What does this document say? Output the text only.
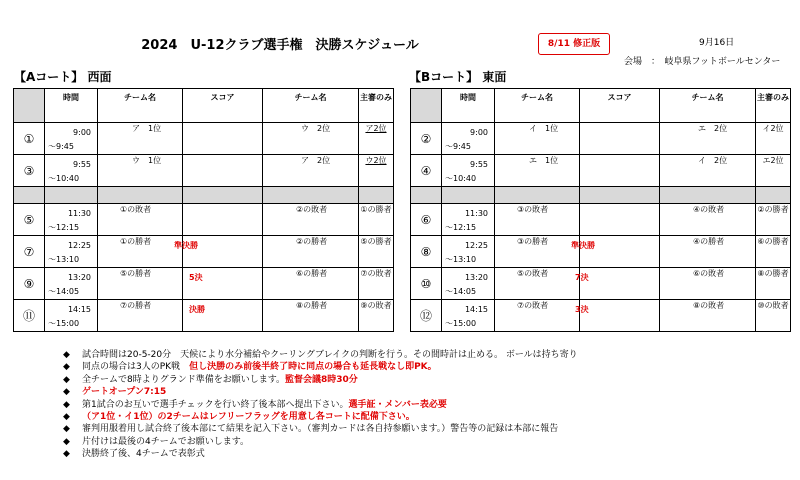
2024　U-12クラブ選手権　決勝スケジュール	8/11 修正版	9月16日
会場　：　岐阜県フットボールセンター
【Aコート】 西面	【Bコート】 東面
	時間	チーム名	スコア	チーム名	主審のみ
①	9:00
～9:45	ア　1位		ウ　2位	ア2位
③	9:55
～10:40	ウ　1位		ア　2位	ウ2位

⑤	11:30
～12:15	①の敗者		②の敗者	①の勝者
⑦	12:25
～13:10	①の勝者	準決勝	②の勝者	⑤の勝者
⑨	13:20
～14:05	⑤の勝者	5決	⑥の勝者	⑦の敗者
⑪	14:15
～15:00	⑦の勝者	決勝	⑧の勝者	⑨の敗者
	時間	チーム名	スコア	チーム名	主審のみ
②	9:00
～9:45	イ　1位		エ　2位	イ2位
④	9:55
～10:40	エ　1位		イ　2位	エ2位

⑥	11:30
～12:15	③の敗者		④の敗者	②の勝者
⑧	12:25
～13:10	③の勝者	準決勝	④の勝者	⑥の勝者
⑩	13:20
～14:05	⑤の敗者	7決	⑥の敗者	⑧の勝者
⑫	14:15
～15:00	⑦の敗者	3決	⑧の敗者	⑩の敗者
◆ 試合時間は20-5-20分　天候により水分補給やクーリングブレイクの判断を行う。その間時計は止める。 ボールは持ち寄り
◆ 同点の場合は3人のPK戦　但し決勝のみ前後半終了時に同点の場合も延長戦なし即PK。
◆ 全チームで8時よりグランド準備をお願いします。監督会議8時30分
◆ ゲートオープン7:15
◆ 第1試合のお互いで選手チェックを行い終了後本部へ提出下さい。選手証・メンバー表必要
◆ （ア1位・イ1位）の2チームはレフリーフラッグを用意し各コートに配備下さい。
◆ 審判用服着用し試合終了後本部にて結果を記入下さい。（審判カードは各自持参願います。）警告等の記録は本部に報告
◆ 片付けは最後の4チームでお願いします。
◆ 決勝終了後、4チームで表彰式
